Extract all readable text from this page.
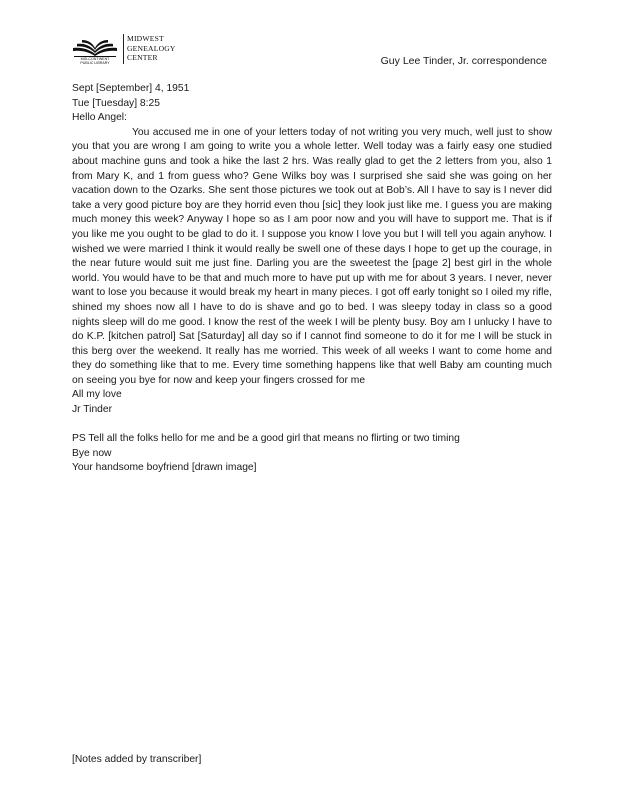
MID-CONTINENT
PUBLIC LIBRARY
MIDWEST
GENEALOGY
CENTER	Guy Lee Tinder, Jr. correspondence
Sept [September] 4, 1951
Tue [Tuesday] 8:25
Hello Angel:

You accused me in one of your letters today of not writing you very much, well just to show you that you are wrong I am going to write you a whole letter. Well today was a fairly easy one studied about machine guns and took a hike the last 2 hrs. Was really glad to get the 2 letters from you, also 1 from Mary K, and 1 from guess who? Gene Wilks boy was I surprised she said she was going on her vacation down to the Ozarks. She sent those pictures we took out at Bob’s. All I have to say is I never did take a very good picture boy are they horrid even thou [sic] they look just like me. I guess you are making much money this week? Anyway I hope so as I am poor now and you will have to support me. That is if you like me you ought to be glad to do it. I suppose you know I love you but I will tell you again anyhow. I wished we were married I think it would really be swell one of these days I hope to get up the courage, in the near future would suit me just fine. Darling you are the sweetest the [page 2] best girl in the whole world. You would have to be that and much more to have put up with me for about 3 years. I never, never want to lose you because it would break my heart in many pieces. I got off early tonight so I oiled my rifle, shined my shoes now all I have to do is shave and go to bed. I was sleepy today in class so a good nights sleep will do me good. I know the rest of the week I will be plenty busy. Boy am I unlucky I have to do K.P. [kitchen patrol] Sat [Saturday] all day so if I cannot find someone to do it for me I will be stuck in this berg over the weekend. It really has me worried. This week of all weeks I want to come home and they do something like that to me. Every time something happens like that well Baby am counting much on seeing you bye for now and keep your fingers crossed for me

All my love
Jr Tinder
PS Tell all the folks hello for me and be a good girl that means no flirting or two timing
Bye now
Your handsome boyfriend [drawn image]
[Notes added by transcriber]
